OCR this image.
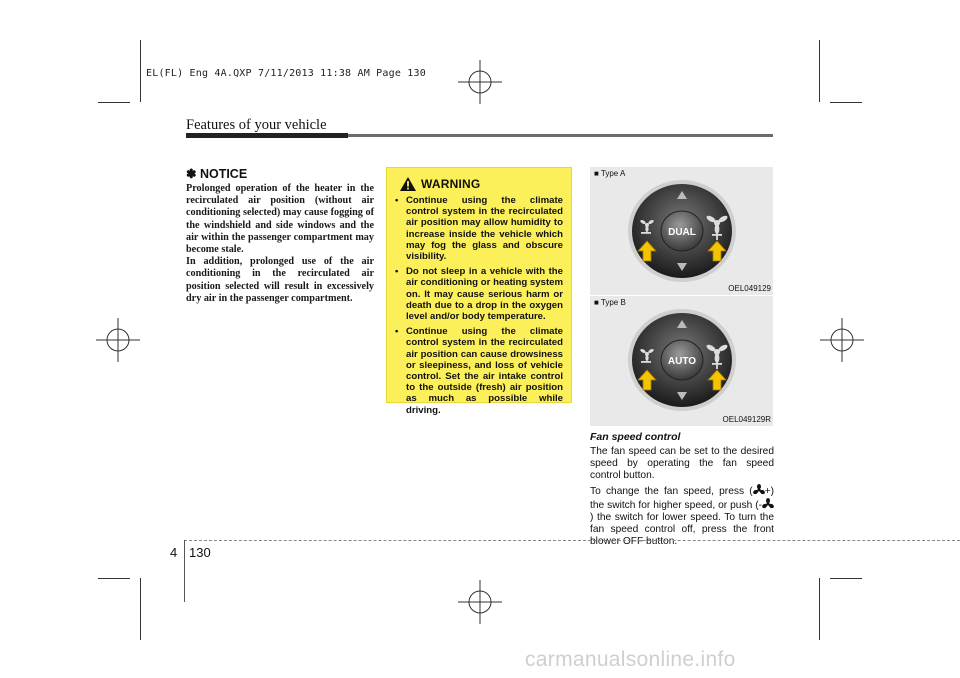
EL(FL) Eng 4A.QXP 7/11/2013 11:38 AM Page 130
Features of your vehicle
✽ NOTICE
Prolonged operation of the heater in the recirculated air position (without air conditioning selected) may cause fogging of the windshield and side windows and the air within the passenger compartment may become stale.
In addition, prolonged use of the air conditioning in the recirculated air position selected will result in excessively dry air in the passenger compartment.
WARNING
• Continue using the climate control system in the recirculated air position may allow humidity to increase inside the vehicle which may fog the glass and obscure visibility.
• Do not sleep in a vehicle with the air conditioning or heating system on. It may cause serious harm or death due to a drop in the oxygen level and/or body temperature.
• Continue using the climate control system in the recirculated air position can cause drowsiness or sleepiness, and loss of vehicle control. Set the air intake control to the outside (fresh) air position as much as possible while driving.
■ Type A
DUAL
OEL049129
■ Type B
AUTO
OEL049129R
Fan speed control

The fan speed can be set to the desired speed by operating the fan speed control button.

To change the fan speed, press ( +) the switch for higher speed, or push (-) the switch for lower speed. To turn the fan speed control off, press the front blower OFF button.

4 130
carmanualsonline.info
